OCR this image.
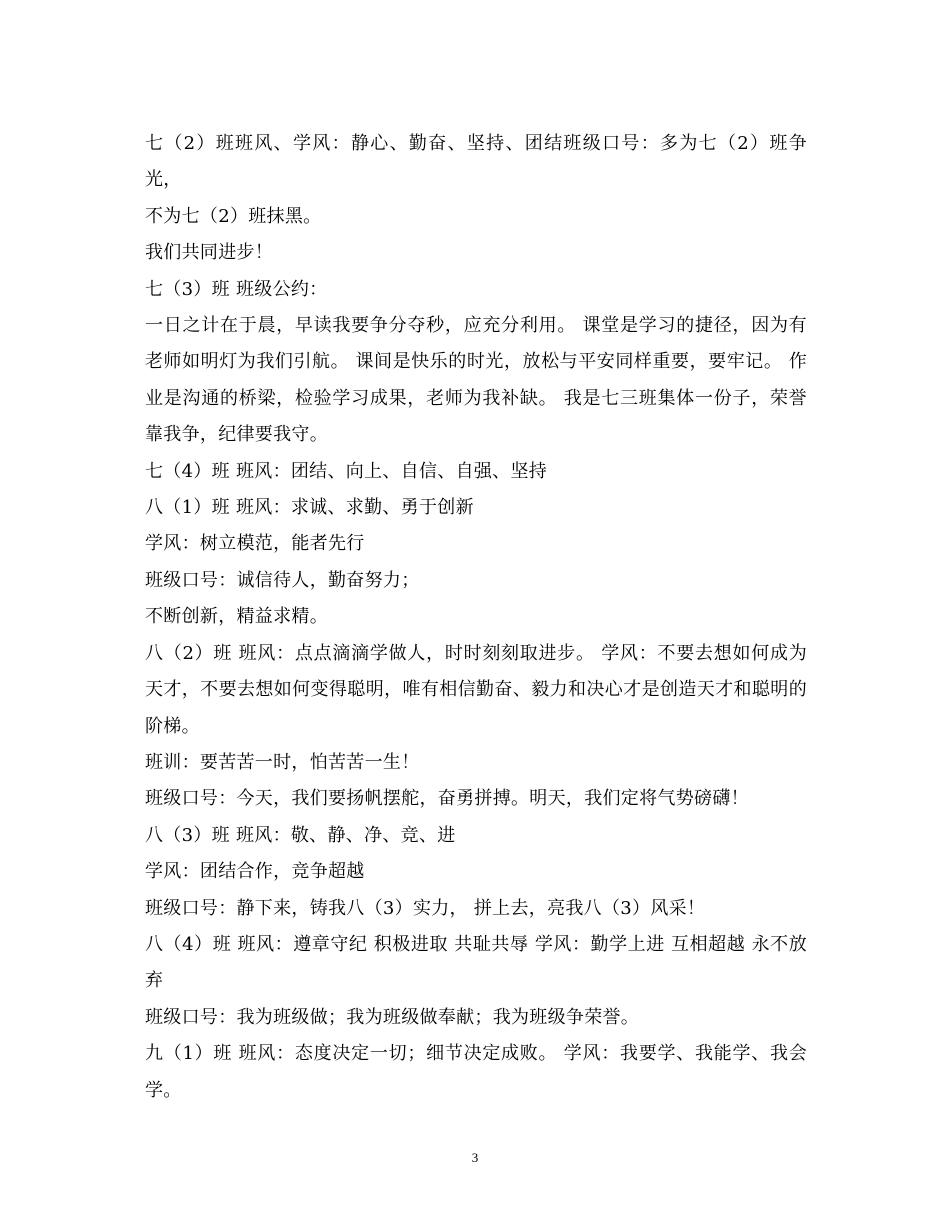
七（2）班班风、学风：静心、勤奋、坚持、团结班级口号：多为七（2）班争光，

不为七（2）班抹黑。

我们共同进步！

七（3）班 班级公约：

一日之计在于晨，早读我要争分夺秒，应充分利用。 课堂是学习的捷径，因为有老师如明灯为我们引航。 课间是快乐的时光，放松与平安同样重要，要牢记。 作业是沟通的桥梁，检验学习成果，老师为我补缺。 我是七三班集体一份子，荣誉靠我争，纪律要我守。

七（4）班 班风：团结、向上、自信、自强、坚持

八（1）班 班风：求诚、求勤、勇于创新

学风：树立模范，能者先行

班级口号：诚信待人，勤奋努力；

不断创新，精益求精。

八（2）班 班风：点点滴滴学做人，时时刻刻取进步。 学风：不要去想如何成为天才，不要去想如何变得聪明，唯有相信勤奋、毅力和决心才是创造天才和聪明的阶梯。

班训：要苦苦一时，怕苦苦一生！

班级口号：今天，我们要扬帆摆舵，奋勇拼搏。明天，我们定将气势磅礴！

八（3）班 班风：敬、静、净、竞、进

学风：团结合作，竞争超越

班级口号：静下来，铸我八（3）实力， 拼上去，亮我八（3）风采！

八（4）班 班风：遵章守纪 积极进取 共耻共辱 学风：勤学上进 互相超越 永不放弃

班级口号：我为班级做；我为班级做奉献；我为班级争荣誉。

九（1）班 班风：态度决定一切；细节决定成败。 学风：我要学、我能学、我会学。

3
